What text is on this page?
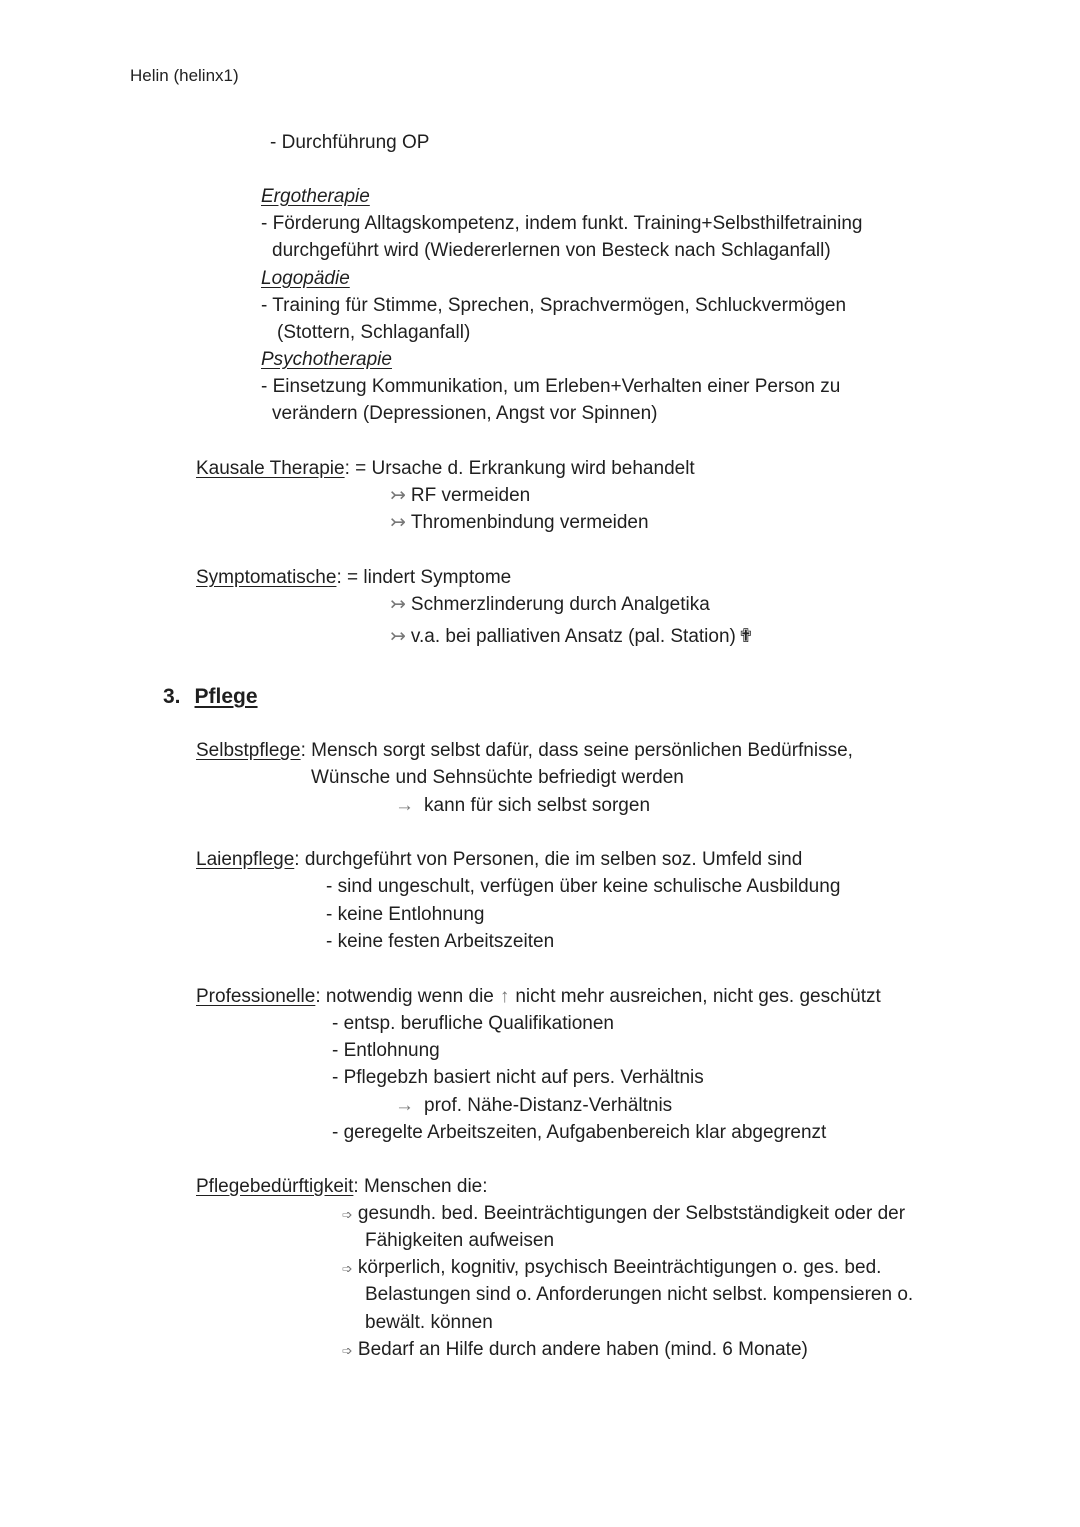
Helin (helinx1)
- Durchführung OP
Ergotherapie
- Förderung Alltagskompetenz, indem funkt. Training+Selbsthilfetraining
durchgeführt wird (Wiedererlernen von Besteck nach Schlaganfall)
Logopädie
- Training für Stimme, Sprechen, Sprachvermögen, Schluckvermögen
(Stottern, Schlaganfall)
Psychotherapie
- Einsetzung Kommunikation, um Erleben+Verhalten einer Person zu
verändern (Depressionen, Angst vor Spinnen)
Kausale Therapie: = Ursache d. Erkrankung wird behandelt
↣ RF vermeiden
↣ Thromenbindung vermeiden
Symptomatische: = lindert Symptome
↣ Schmerzlinderung durch Analgetika
↣ v.a. bei palliativen Ansatz (pal. Station) ✟
3. Pflege
Selbstpflege: Mensch sorgt selbst dafür, dass seine persönlichen Bedürfnisse,
Wünsche und Sehnsüchte befriedigt werden
→ kann für sich selbst sorgen
Laienpflege: durchgeführt von Personen, die im selben soz. Umfeld sind
- sind ungeschult, verfügen über keine schulische Ausbildung
- keine Entlohnung
- keine festen Arbeitszeiten
Professionelle: notwendig wenn die ↑ nicht mehr ausreichen, nicht ges. geschützt
- entsp. berufliche Qualifikationen
- Entlohnung
- Pflegebzh basiert nicht auf pers. Verhältnis
→ prof. Nähe-Distanz-Verhältnis
- geregelte Arbeitszeiten, Aufgabenbereich klar abgegrenzt
Pflegebedürftigkeit: Menschen die:
➩ gesundh. bed. Beeinträchtigungen der Selbstständigkeit oder der
Fähigkeiten aufweisen
➩ körperlich, kognitiv, psychisch Beeinträchtigungen o. ges. bed.
Belastungen sind o. Anforderungen nicht selbst. kompensieren o.
bewält. können
➩ Bedarf an Hilfe durch andere haben (mind. 6 Monate)
